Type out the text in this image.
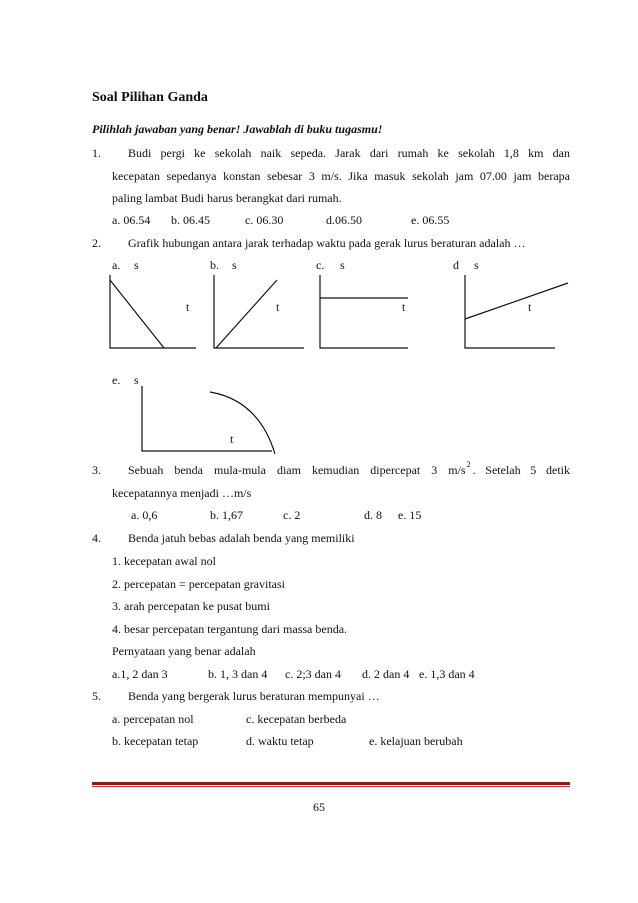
Soal Pilihan Ganda
Pilihlah jawaban yang benar! Jawablah di buku tugasmu!
1. Budi pergi ke sekolah naik sepeda. Jarak dari rumah ke sekolah 1,8 km dan
kecepatan sepedanya konstan sebesar 3 m/s. Jika masuk sekolah jam 07.00 jam berapa
paling lambat Budi harus berangkat dari rumah.
a. 06.54 b. 06.45	c. 06.30	d.06.50	e. 06.55
2. Grafik hubungan antara jarak terhadap waktu pada gerak lurus beraturan adalah …
a. s
t
b. s
t
c. s
t
d s
t
e. s
t
3. Sebuah benda mula-mula diam kemudian dipercepat 3 m/s 2 . Setelah 5 detik
kecepatannya menjadi …m/s
a. 0,6	b. 1,67	c. 2	d. 8 e. 15
4. Benda jatuh bebas adalah benda yang memiliki
1. kecepatan awal nol
2. percepatan = percepatan gravitasi
3. arah percepatan ke pusat bumi
4. besar percepatan tergantung dari massa benda.
Pernyataan yang benar adalah
a.1, 2 dan 3	b. 1, 3 dan 4 c. 2;3 dan 4 d. 2 dan 4 e. 1,3 dan 4
5. Benda yang bergerak lurus beraturan mempunyai …
a. percepatan nol	c. kecepatan berbeda
b. kecepatan tetap	d. waktu tetap	e. kelajuan berubah
65
